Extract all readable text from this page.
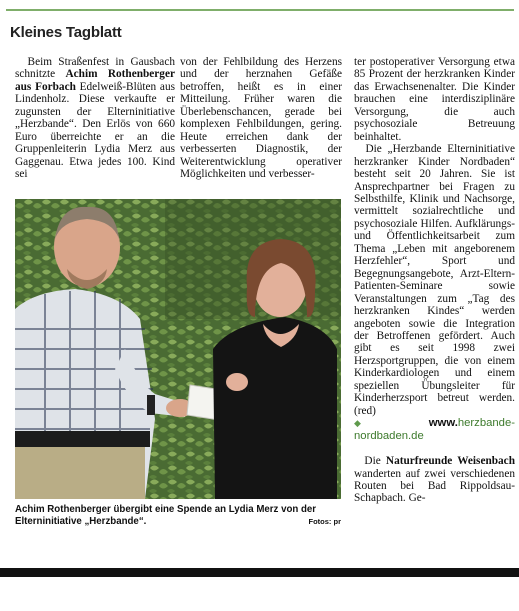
Kleines Tagblatt

Beim Straßenfest in Gausbach schnitzte Achim Rothenberger aus Forbach Edelweiß-Blüten aus Lindenholz. Diese verkaufte er zugunsten der Elterninitiative „Herzbande“. Den Erlös von 660 Euro überreichte er an die Gruppenleiterin Lydia Merz aus Gaggenau. Etwa jedes 100. Kind sei

von der Fehlbildung des Herzens und der herznahen Gefäße betroffen, heißt es in einer Mitteilung. Früher waren die Überlebenschancen, gerade bei komplexen Fehlbildungen, gering. Heute erreichen dank der verbesserten Diagnostik, der Weiterentwicklung operativer Möglichkeiten und verbesser-

ter postoperativer Versorgung etwa 85 Prozent der herzkranken Kinder das Erwachsenenalter. Die Kinder brauchen eine interdisziplinäre Versorgung, die auch psychosoziale Betreuung beinhaltet.

Die „Herzbande Elterninitiative herzkranker Kinder Nordbaden“ besteht seit 20 Jahren. Sie ist Ansprechpartner bei Fragen zu Selbsthilfe, Klinik und Nachsorge, vermittelt sozialrechtliche und psychosoziale Hilfen. Aufklärungs- und Öffentlichkeitsarbeit zum Thema „Leben mit angeborenem Herzfehler“, Sport und Begegnungsangebote, Arzt-Eltern-Patienten-Seminare sowie Veranstaltungen zum „Tag des herzkranken Kindes“ werden angeboten sowie die Integration der Betroffenen gefördert. Auch gibt es seit 1998 zwei Herzsportgruppen, die von einem Kinderkardiologen und einem speziellen Übungsleiter für Kinderherzsport betreut werden. (red)

◆	www.herzbande-nordbaden.de

Die Naturfreunde Weisenbach wanderten auf zwei verschiedenen Routen bei Bad Rippoldsau-Schapbach. Ge-

Achim Rothenberger übergibt eine Spende an Lydia Merz von der Elterninitiative „Herzbande“.	Fotos: pr
